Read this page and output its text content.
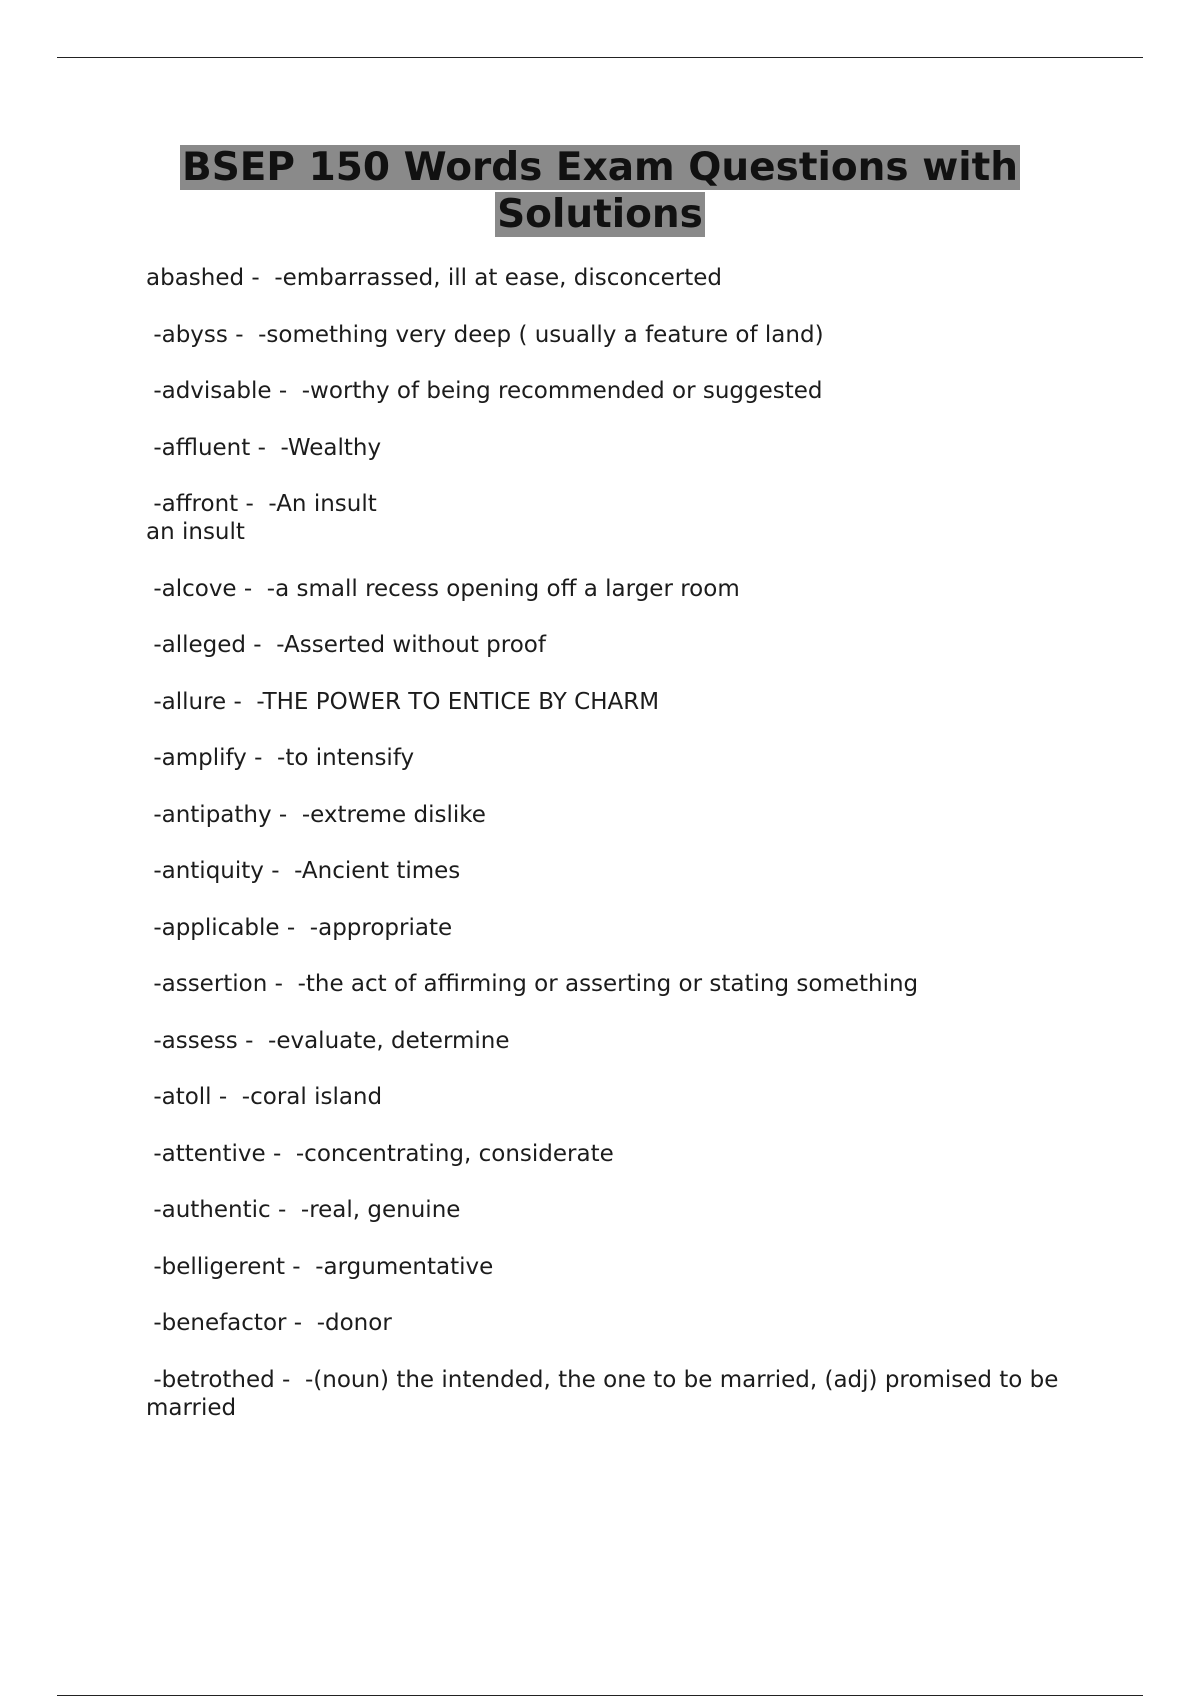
BSEP 150 Words Exam Questions with Solutions
abashed -  -embarrassed, ill at ease, disconcerted
-abyss -  -something very deep ( usually a feature of land)
-advisable -  -worthy of being recommended or suggested
-affluent -  -Wealthy
-affront -  -An insult
an insult
-alcove -  -a small recess opening off a larger room
-alleged -  -Asserted without proof
-allure -  -THE POWER TO ENTICE BY CHARM
-amplify -  -to intensify
-antipathy -  -extreme dislike
-antiquity -  -Ancient times
-applicable -  -appropriate
-assertion -  -the act of affirming or asserting or stating something
-assess -  -evaluate, determine
-atoll -  -coral island
-attentive -  -concentrating, considerate
-authentic -  -real, genuine
-belligerent -  -argumentative
-benefactor -  -donor
-betrothed -  -(noun) the intended, the one to be married, (adj) promised to be married
